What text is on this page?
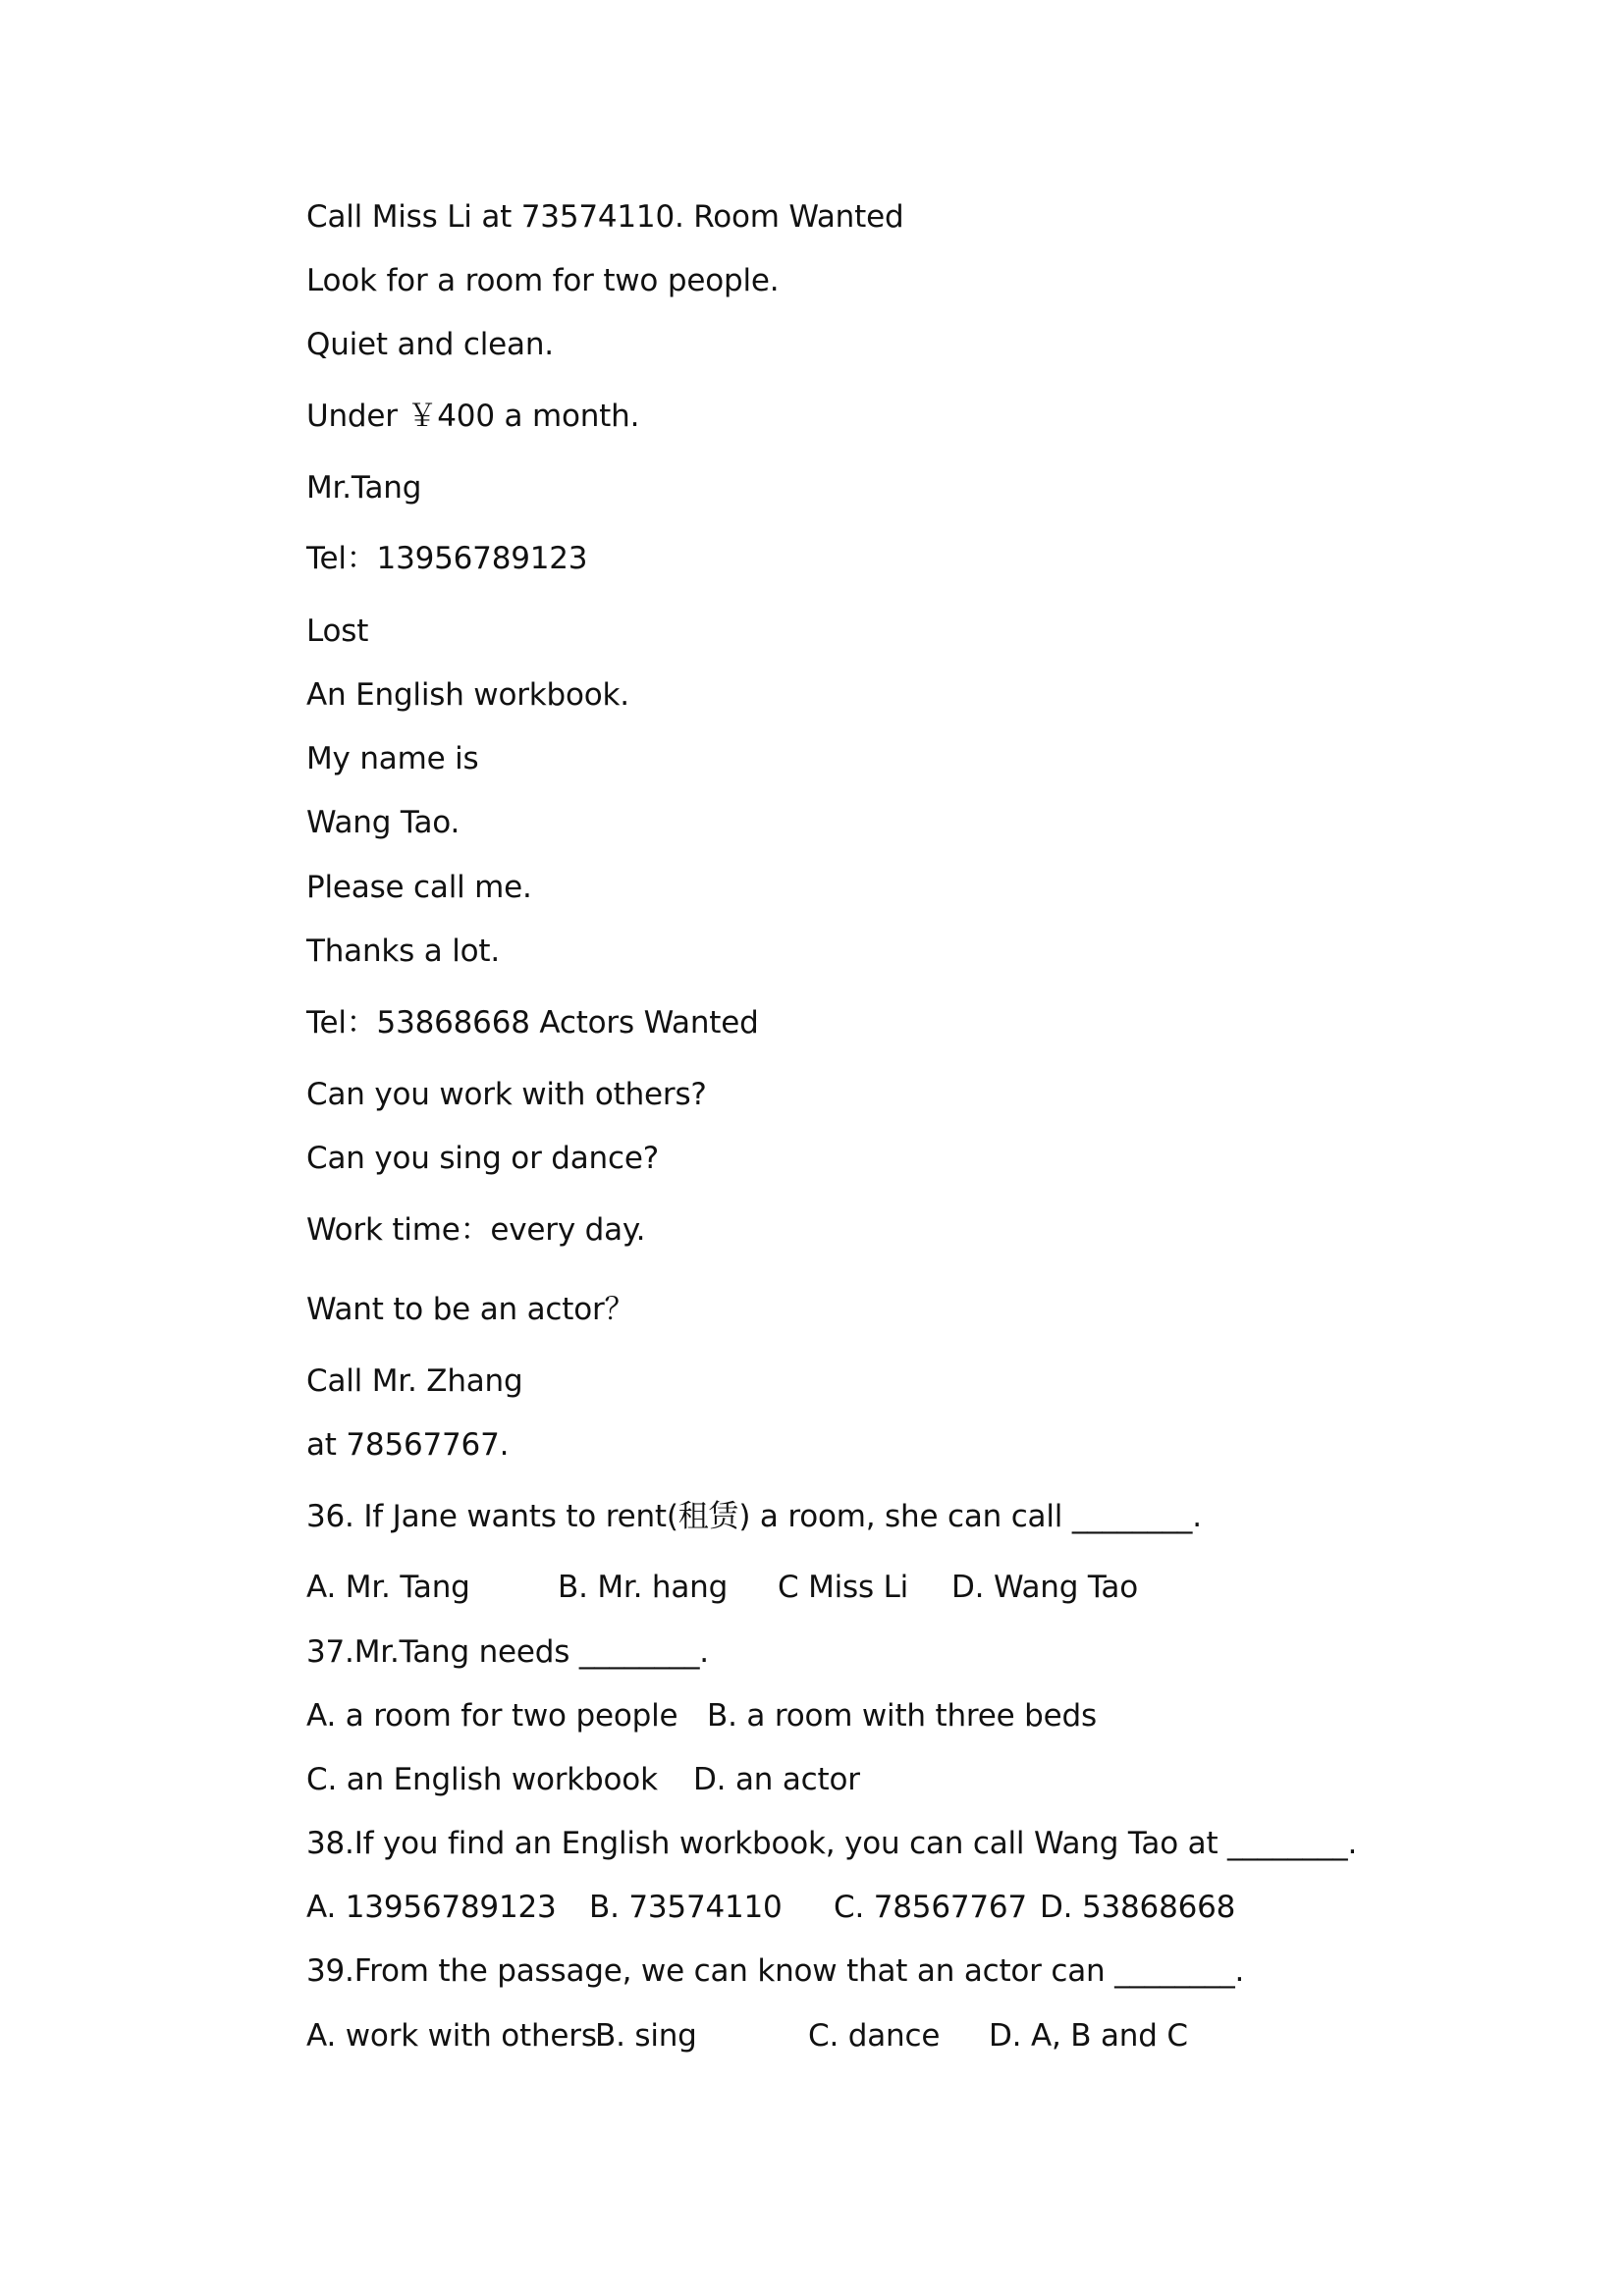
Call Miss Li at 73574110. Room Wanted
Look for a room for two people.
Quiet and clean.
Under ￥400 a month.
Mr.Tang
Tel：13956789123
Lost
An English workbook.
My name is
Wang Tao.
Please call me.
Thanks a lot.
Tel：53868668 Actors Wanted
Can you work with others?
Can you sing or dance?
Work time：every day.
Want to be an actor？
Call Mr. Zhang
at 78567767.
36. If Jane wants to rent(租赁) a room, she can call ________.
A. Mr. Tang	B. Mr. hang C Miss Li D. Wang Tao
37.Mr.Tang needs ________.
A. a room for two people B. a room with three beds
C. an English workbook D. an actor
38.If you find an English workbook, you can call Wang Tao at ________.
A. 13956789123 B. 73574110 C. 78567767 D. 53868668
39.From the passage, we can know that an actor can ________.
A. work with others
B. sing	C. dance D. A, B and C
